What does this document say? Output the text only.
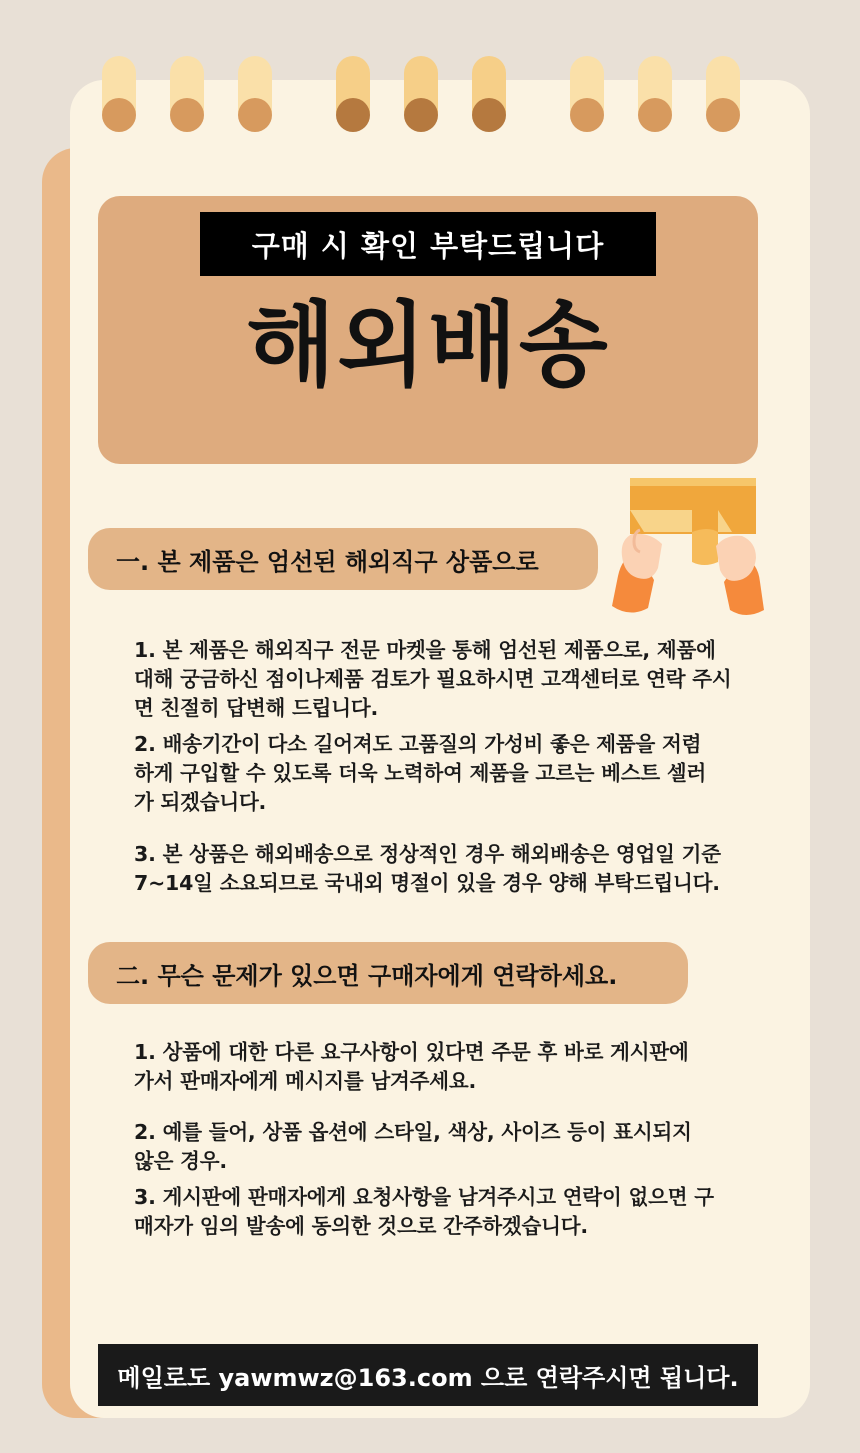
구매 시 확인 부탁드립니다
해외배송
一. 본 제품은 엄선된 해외직구 상품으로
1. 본 제품은 해외직구 전문 마켓을 통해 엄선된 제품으로, 제품에 대해 궁금하신 점이나제품 검토가 필요하시면 고객센터로 연락 주시면 친절히 답변해 드립니다.
2. 배송기간이 다소 길어져도 고품질의 가성비 좋은 제품을 저렴하게 구입할 수 있도록 더욱 노력하여 제품을 고르는 베스트 셀러가 되겠습니다.
3. 본 상품은 해외배송으로 정상적인 경우 해외배송은 영업일 기준 7~14일 소요되므로 국내외 명절이 있을 경우 양해 부탁드립니다.
二. 무슨 문제가 있으면 구매자에게 연락하세요.
1. 상품에 대한 다른 요구사항이 있다면 주문 후 바로 게시판에 가서 판매자에게 메시지를 남겨주세요.
2. 예를 들어, 상품 옵션에 스타일, 색상, 사이즈 등이 표시되지 않은 경우.
3. 게시판에 판매자에게 요청사항을 남겨주시고 연락이 없으면 구매자가 임의 발송에 동의한 것으로 간주하겠습니다.
메일로도 yawmwz@163.com 으로 연락주시면 됩니다.
